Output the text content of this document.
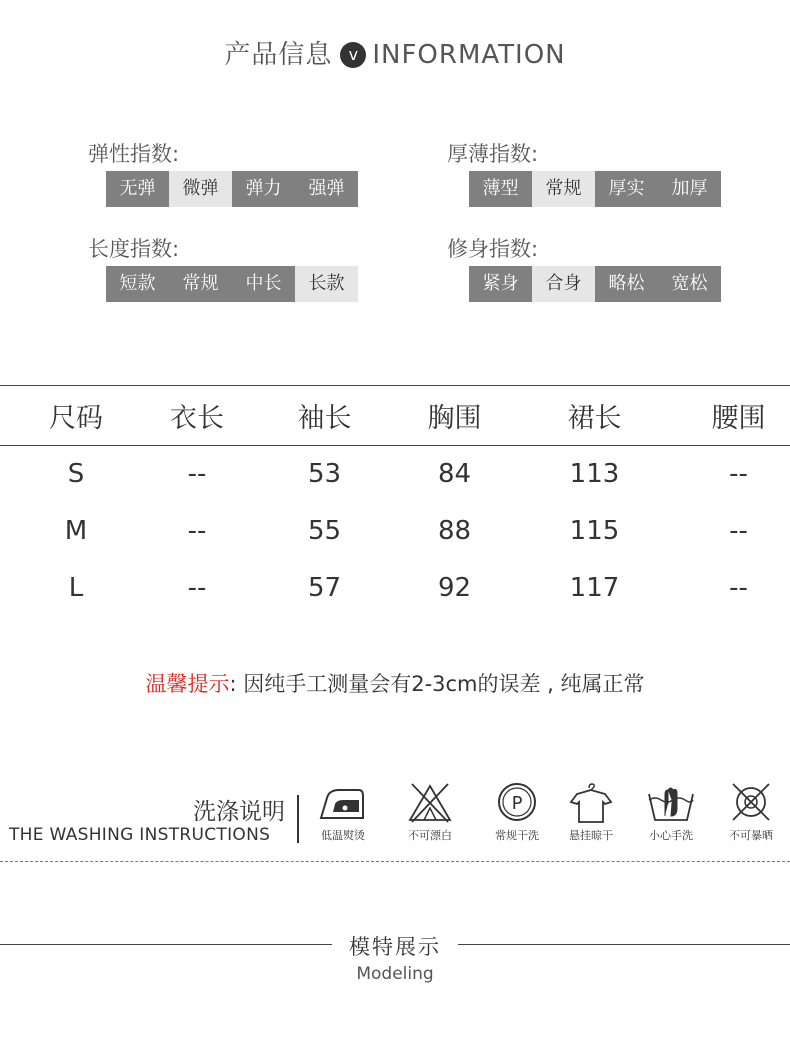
产品信息 v INFORMATION
弹性指数:
无弹	微弹	弹力	强弹
厚薄指数:
薄型	常规	厚实	加厚
长度指数:
短款	常规	中长	长款
修身指数:
紧身	合身	略松	宽松
尺码	衣长	袖长	胸围	裙长	腰围
S	--	53	84	113	--
M	--	55	88	115	--
L	--	57	92	117	--
温馨提示: 因纯手工测量会有2-3cm的误差 , 纯属正常
洗涤说明
THE WASHING INSTRUCTIONS	低温熨烫	不可漂白
P
常规干洗	悬挂晾干	小心手洗	不可暴晒
模特展示
Modeling
